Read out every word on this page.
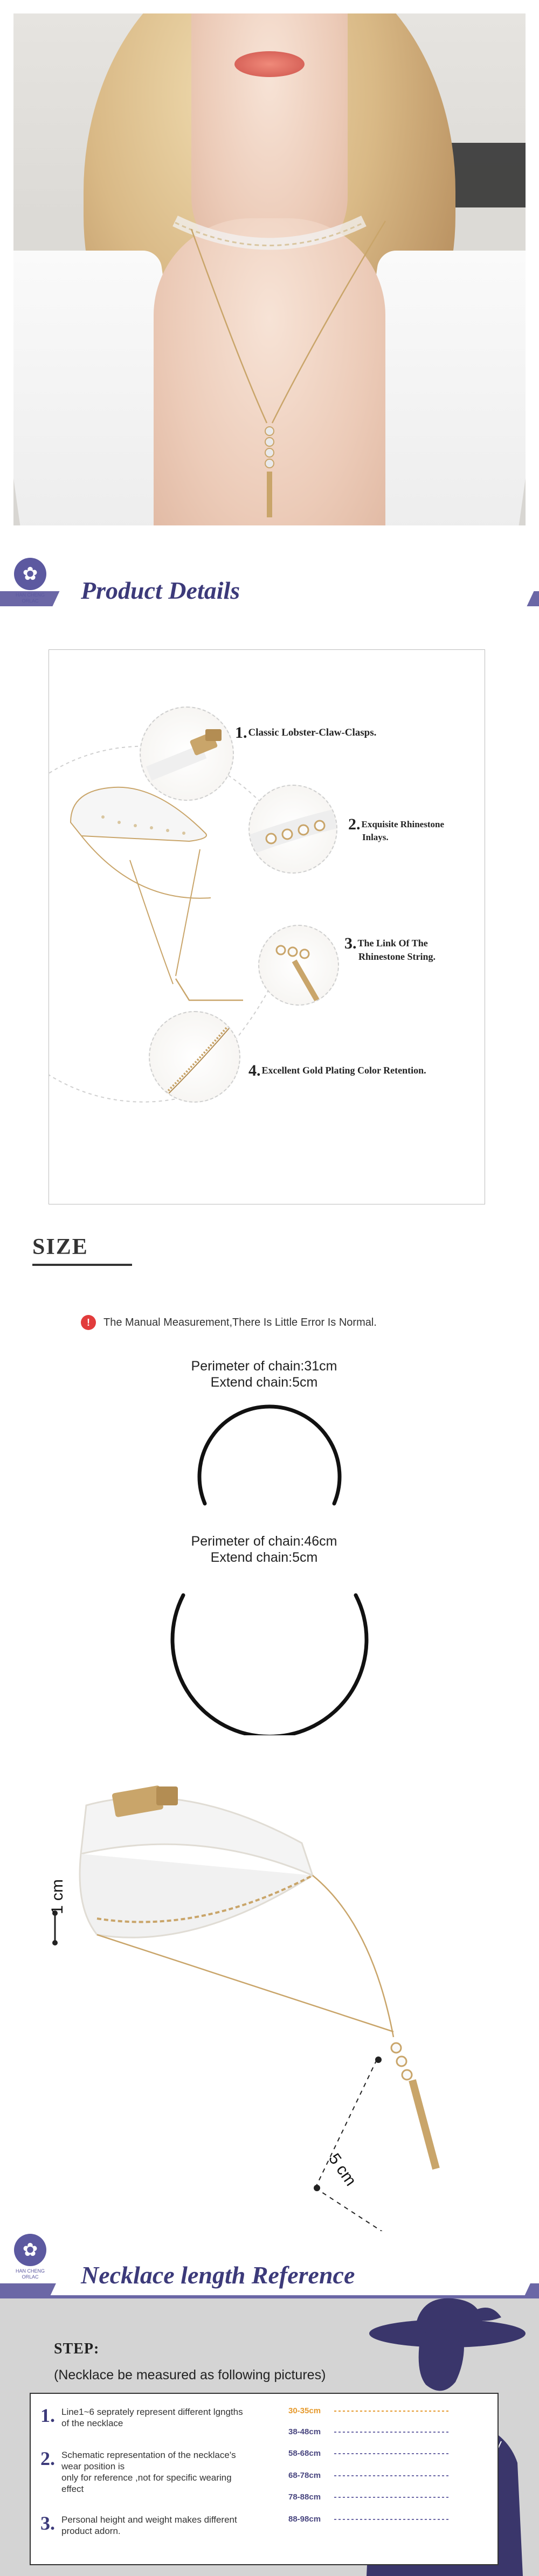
Product Details
✿
HAN CHENG
ORLAC
1. Classic Lobster-Claw-Clasps.
2. Exquisite Rhinestone
Inlays.
3. The Link Of The
Rhinestone String.
4. Excellent Gold Plating Color Retention.
SIZE
!	The Manual Measurement,There Is Little Error Is Normal.
Perimeter of chain:31cm
Extend chain:5cm
Perimeter of chain:46cm
Extend chain:5cm
1 cm
5 cm
Necklace length Reference
✿
HAN CHENG
ORLAC
STEP:
(Necklace be measured as following pictures)
1. Line1~6 seprately represent different lgngths
of the necklace
2. Schematic representation of the necklace's
wear position is
only for reference ,not for specific wearing
effect
3. Personal height and weight makes different
product adorn.
30-35cm
38-48cm
58-68cm
68-78cm
78-88cm
88-98cm
